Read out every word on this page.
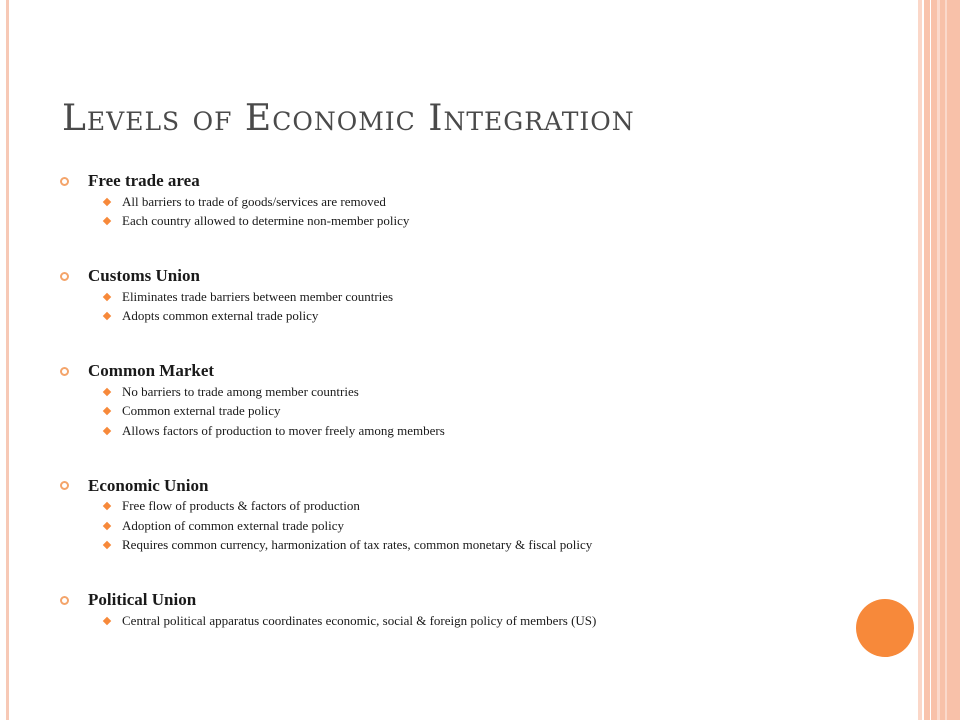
Levels of Economic Integration
Free trade area
All barriers to trade of goods/services are removed
Each country allowed to determine non-member policy
Customs Union
Eliminates trade barriers between member countries
Adopts common external trade policy
Common Market
No barriers to trade among member countries
Common external trade policy
Allows factors of production to mover freely among members
Economic Union
Free flow of products & factors of production
Adoption of common external trade policy
Requires common currency, harmonization of tax rates, common monetary & fiscal policy
Political Union
Central political apparatus coordinates economic, social & foreign policy of members (US)
